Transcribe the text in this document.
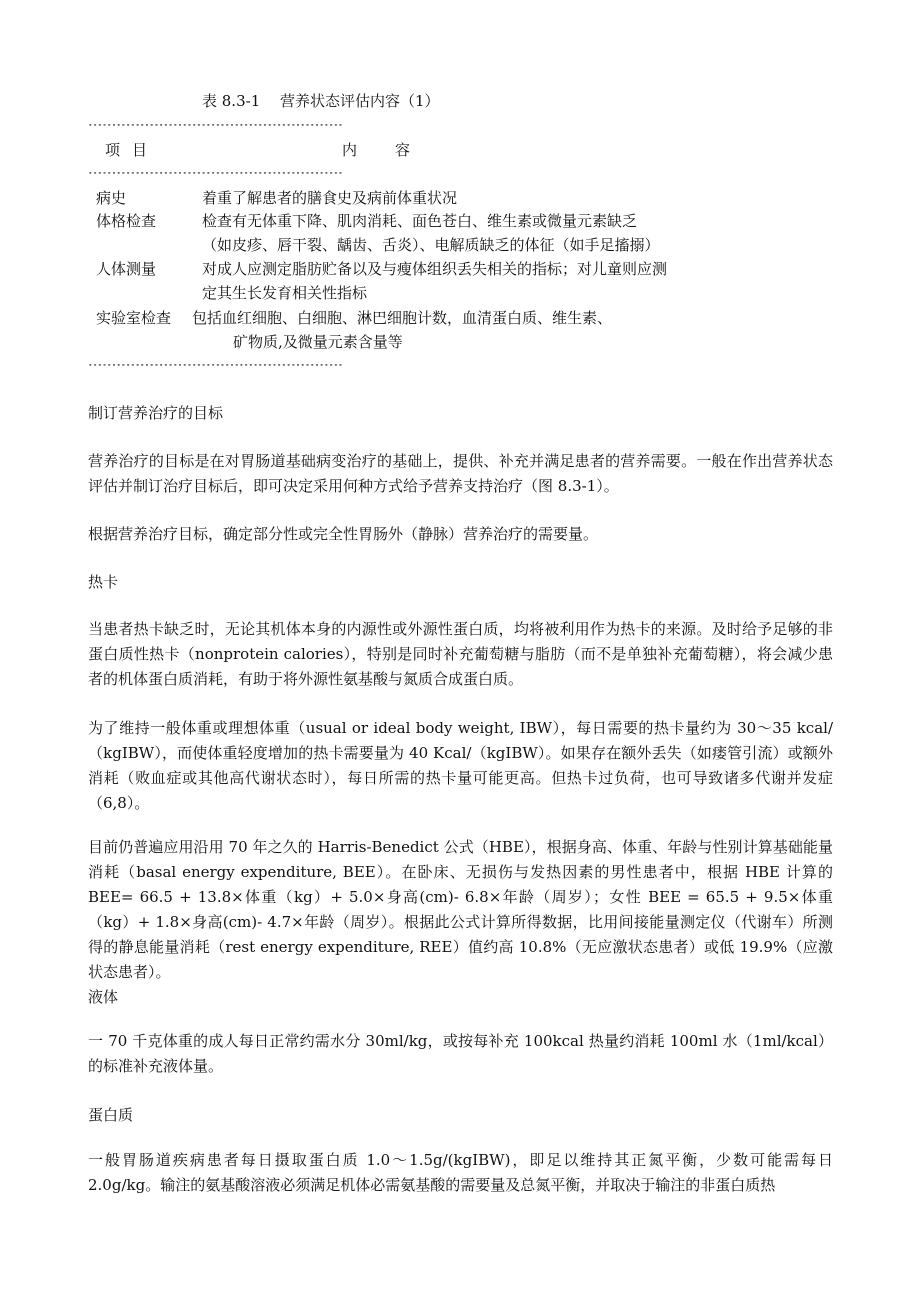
表 8.3-1　 营养状态评估内容（1）
------------------------------------------------------
项目	内	容
------------------------------------------------------
病史	着重了解患者的膳食史及病前体重状况
体格检查	检查有无体重下降、肌肉消耗、面色苍白、维生素或微量元素缺乏
（如皮疹、唇干裂、龋齿、舌炎）、电解质缺乏的体征（如手足搐搦）
人体测量	对成人应测定脂肪贮备以及与瘦体组织丢失相关的指标；对儿童则应测
定其生长发育相关性指标
实验室检查 包括血红细胞、白细胞、淋巴细胞计数，血清蛋白质、维生素、
矿物质,及微量元素含量等
------------------------------------------------------
制订营养治疗的目标
营养治疗的目标是在对胃肠道基础病变治疗的基础上，提供、补充并满足患者的营养需要。一般在作出营养状态评估并制订治疗目标后，即可决定采用何种方式给予营养支持治疗（图 8.3-1）。
根据营养治疗目标，确定部分性或完全性胃肠外（静脉）营养治疗的需要量。
热卡
当患者热卡缺乏时，无论其机体本身的内源性或外源性蛋白质，均将被利用作为热卡的来源。及时给予足够的非蛋白质性热卡（nonprotein calories），特别是同时补充葡萄糖与脂肪（而不是单独补充葡萄糖），将会减少患者的机体蛋白质消耗，有助于将外源性氨基酸与氮质合成蛋白质。
为了维持一般体重或理想体重（usual or ideal body weight, IBW），每日需要的热卡量约为 30～35 kcal/（kgIBW），而使体重轻度增加的热卡需要量为 40 Kcal/（kgIBW）。如果存在额外丢失（如瘘管引流）或额外消耗（败血症或其他高代谢状态时），每日所需的热卡量可能更高。但热卡过负荷，也可导致诸多代谢并发症（6,8）。
目前仍普遍应用沿用 70 年之久的 Harris-Benedict 公式（HBE），根据身高、体重、年龄与性别计算基础能量消耗（basal energy expenditure, BEE）。在卧床、无损伤与发热因素的男性患者中，根据 HBE 计算的 BEE= 66.5 + 13.8×体重（kg）+ 5.0×身高(cm)- 6.8×年龄（周岁）；女性 BEE = 65.5 + 9.5×体重（kg）+ 1.8×身高(cm)- 4.7×年龄（周岁）。根据此公式计算所得数据，比用间接能量测定仪（代谢车）所测得的静息能量消耗（rest energy expenditure, REE）值约高 10.8%（无应激状态患者）或低 19.9%（应激状态患者）。
液体
一 70 千克体重的成人每日正常约需水分 30ml/kg，或按每补充 100kcal 热量约消耗 100ml 水（1ml/kcal）的标准补充液体量。
蛋白质
一般胃肠道疾病患者每日摄取蛋白质 1.0～1.5g/(kgIBW)，即足以维持其正氮平衡，少数可能需每日 2.0g/kg。输注的氨基酸溶液必须满足机体必需氨基酸的需要量及总氮平衡，并取决于输注的非蛋白质热
